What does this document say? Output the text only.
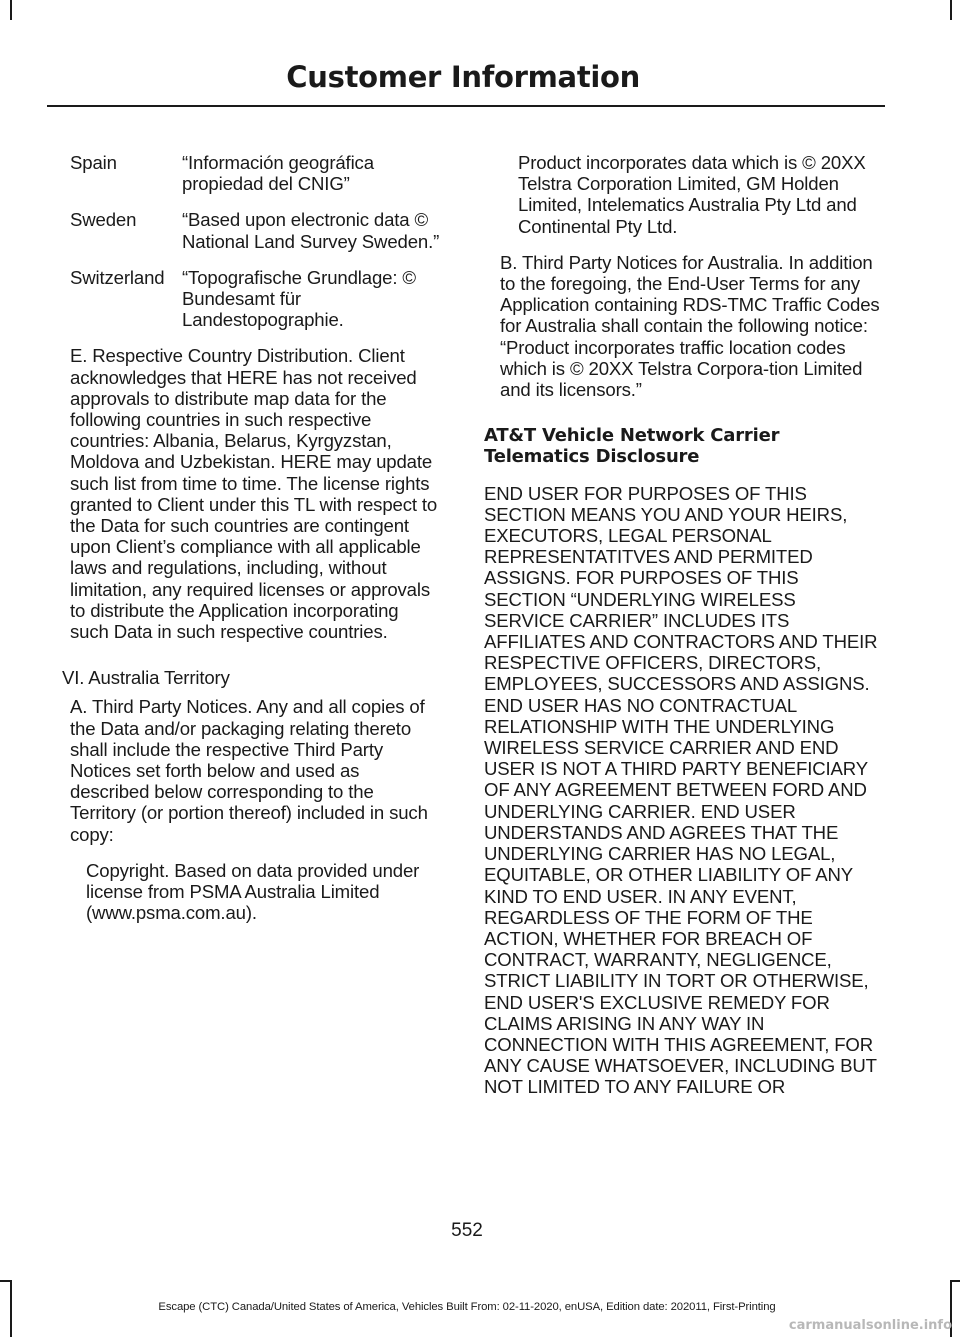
Customer Information
Spain	“Información geográfica propiedad del CNIG”
Sweden	“Based upon electronic data © National Land Survey Sweden.”
Switzerland “Topografische Grundlage: © Bundesamt für Landestopographie.

E. Respective Country Distribution. Client acknowledges that HERE has not received approvals to distribute map data for the following countries in such respective countries: Albania, Belarus, Kyrgyzstan, Moldova and Uzbekistan. HERE may update such list from time to time. The license rights granted to Client under this TL with respect to the Data for such countries are contingent upon Client’s compliance with all applicable laws and regulations, including, without limitation, any required licenses or approvals to distribute the Application incorporating such Data in such respective countries.

VI. Australia Territory

A. Third Party Notices. Any and all copies of the Data and/or packaging relating thereto shall include the respective Third Party Notices set forth below and used as described below corresponding to the Territory (or portion thereof) included in such copy:

Copyright. Based on data provided under license from PSMA Australia Limited (www.psma.com.au).

Product incorporates data which is © 20XX Telstra Corporation Limited, GM Holden Limited, Intelematics Australia Pty Ltd and Continental Pty Ltd.

B. Third Party Notices for Australia. In addition to the foregoing, the End-User Terms for any Application containing RDS-TMC Traffic Codes for Australia shall contain the following notice: “Product incorporates traffic location codes which is © 20XX Telstra Corpora-tion Limited and its licensors.”

AT&T Vehicle Network Carrier Telematics Disclosure

END USER FOR PURPOSES OF THIS SECTION MEANS YOU AND YOUR HEIRS, EXECUTORS, LEGAL PERSONAL REPRESENTATITVES AND PERMITED ASSIGNS. FOR PURPOSES OF THIS SECTION “UNDERLYING WIRELESS SERVICE CARRIER” INCLUDES ITS AFFILIATES AND CONTRACTORS AND THEIR RESPECTIVE OFFICERS, DIRECTORS, EMPLOYEES, SUCCESSORS AND ASSIGNS. END USER HAS NO CONTRACTUAL RELATIONSHIP WITH THE UNDERLYING WIRELESS SERVICE CARRIER AND END USER IS NOT A THIRD PARTY BENEFICIARY OF ANY AGREEMENT BETWEEN FORD AND UNDERLYING CARRIER. END USER UNDERSTANDS AND AGREES THAT THE UNDERLYING CARRIER HAS NO LEGAL, EQUITABLE, OR OTHER LIABILITY OF ANY KIND TO END USER. IN ANY EVENT, REGARDLESS OF THE FORM OF THE ACTION, WHETHER FOR BREACH OF CONTRACT, WARRANTY, NEGLIGENCE, STRICT LIABILITY IN TORT OR OTHERWISE, END USER'S EXCLUSIVE REMEDY FOR CLAIMS ARISING IN ANY WAY IN CONNECTION WITH THIS AGREEMENT, FOR ANY CAUSE WHATSOEVER, INCLUDING BUT NOT LIMITED TO ANY FAILURE OR

552
Escape (CTC) Canada/United States of America, Vehicles Built From: 02-11-2020, enUSA, Edition date: 202011, First-Printing
carmanualsonline.info
